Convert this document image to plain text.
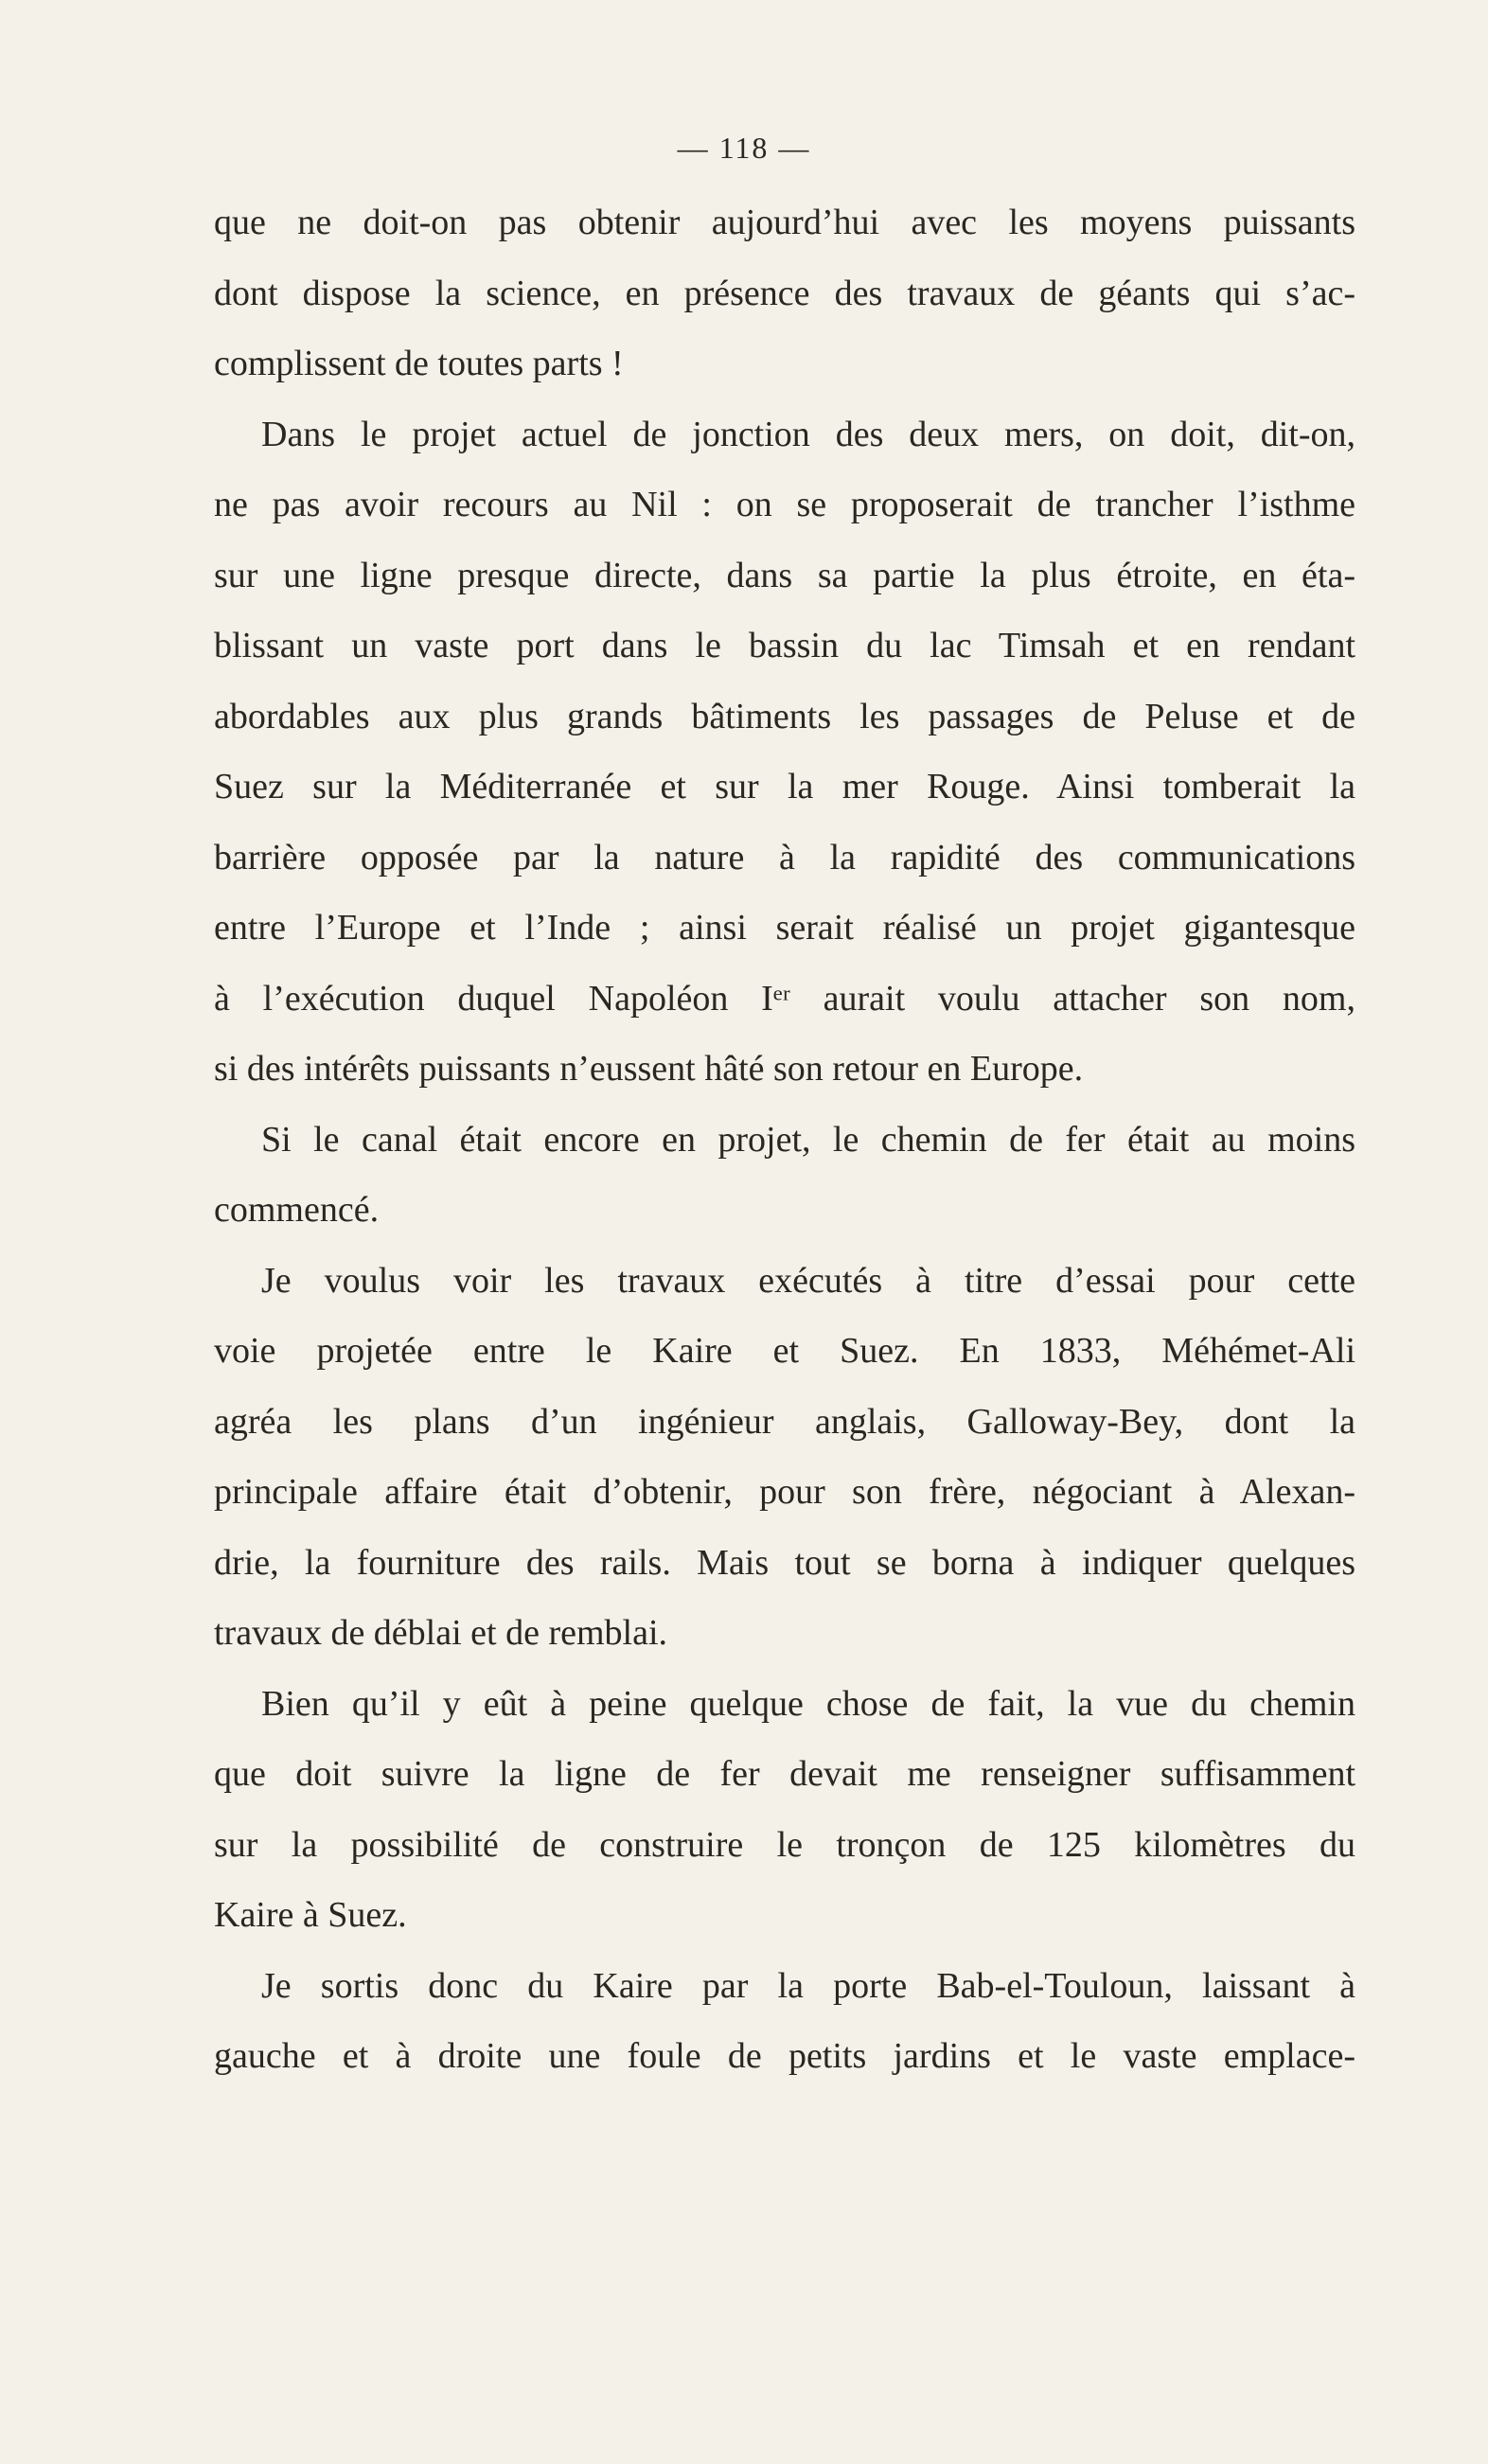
— 118 —
que ne doit-on pas obtenir aujourd’hui avec les moyens puissants
dont dispose la science, en présence des travaux de géants qui s’ac-
complissent de toutes parts !
Dans le projet actuel de jonction des deux mers, on doit, dit-on,
ne pas avoir recours au Nil : on se proposerait de trancher l’isthme
sur une ligne presque directe, dans sa partie la plus étroite, en éta-
blissant un vaste port dans le bassin du lac Timsah et en rendant
abordables aux plus grands bâtiments les passages de Peluse et de
Suez sur la Méditerranée et sur la mer Rouge. Ainsi tomberait la
barrière opposée par la nature à la rapidité des communications
entre l’Europe et l’Inde ; ainsi serait réalisé un projet gigantesque
à l’exécution duquel Napoléon Iᵉʳ aurait voulu attacher son nom,
si des intérêts puissants n’eussent hâté son retour en Europe.
Si le canal était encore en projet, le chemin de fer était au moins
commencé.
Je voulus voir les travaux exécutés à titre d’essai pour cette
voie projetée entre le Kaire et Suez. En 1833, Méhémet-Ali
agréa les plans d’un ingénieur anglais, Galloway-Bey, dont la
principale affaire était d’obtenir, pour son frère, négociant à Alexan-
drie, la fourniture des rails. Mais tout se borna à indiquer quelques
travaux de déblai et de remblai.
Bien qu’il y eût à peine quelque chose de fait, la vue du chemin
que doit suivre la ligne de fer devait me renseigner suffisamment
sur la possibilité de construire le tronçon de 125 kilomètres du
Kaire à Suez.
Je sortis donc du Kaire par la porte Bab-el-Touloun, laissant à
gauche et à droite une foule de petits jardins et le vaste emplace-
